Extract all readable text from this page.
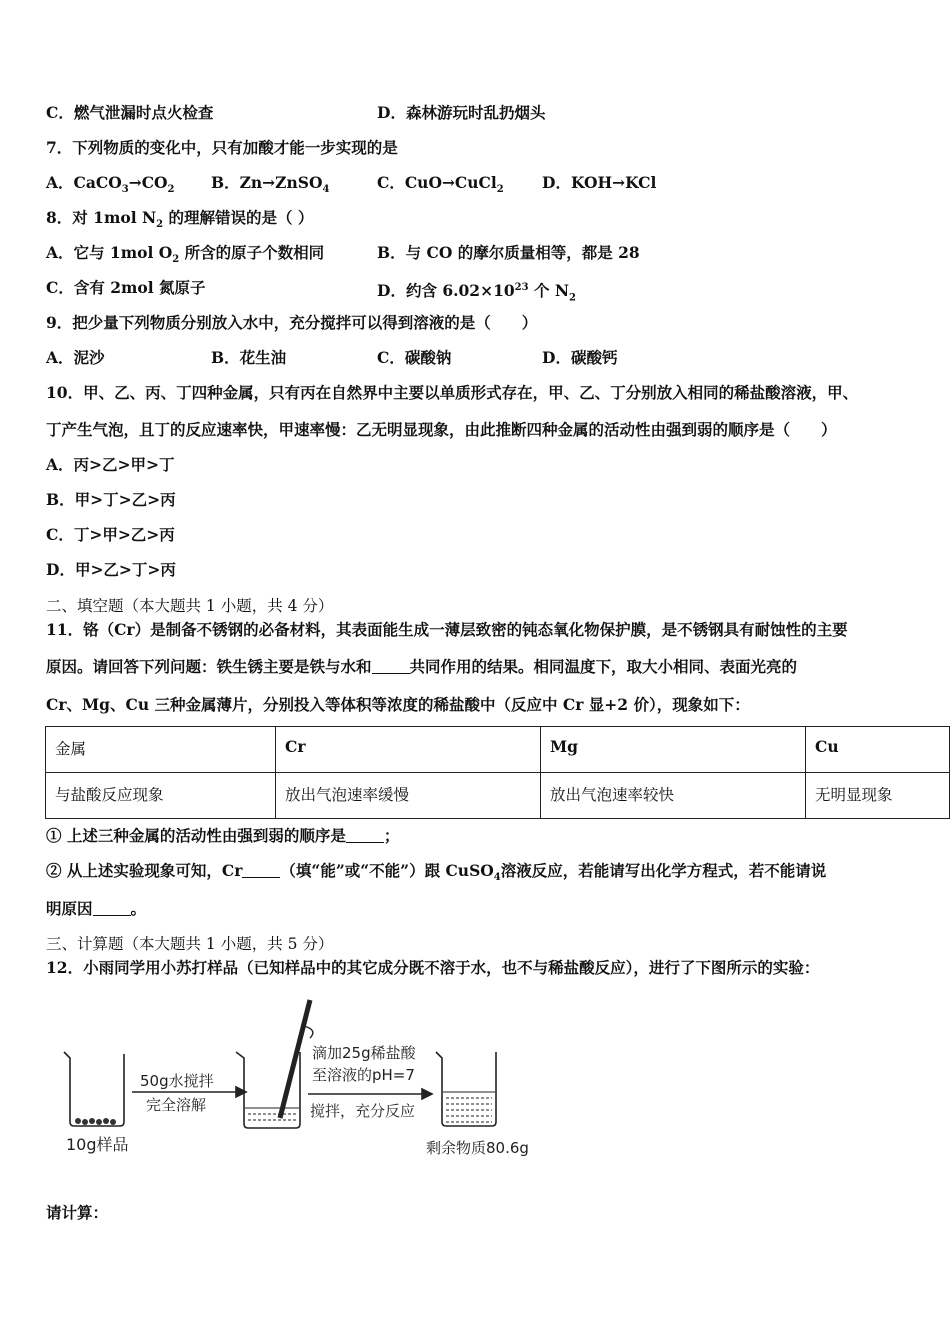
C．燃气泄漏时点火检查	D．森林游玩时乱扔烟头
7．下列物质的变化中，只有加酸才能一步实现的是
A．$CaCO_3\to CO_2$ B．Zn→ZnSO$_4$	C．CuO→CuCl$_2$ D．KOH→KCl
8．对 1mol $N_2$ 的理解错误的是（ ）
A．它与 1mol $O_2$ 所含的原子个数相同	B．与 CO 的摩尔质量相等，都是 28
C．含有 2mol 氮原子	D．约含 $6.02\times 10^{23}$ 个 $N_2$
9．把少量下列物质分别放入水中，充分搅拌可以得到溶液的是（　　）
A．泥沙	B．花生油	C．碳酸钠	D．碳酸钙
10．甲、乙、丙、丁四种金属，只有丙在自然界中主要以单质形式存在，甲、乙、丁分别放入相同的稀盐酸溶液，甲、
丁产生气泡，且丁的反应速率快，甲速率慢：乙无明显现象，由此推断四种金属的活动性由强到弱的顺序是（　　）
A．丙>乙>甲>丁
B．甲>丁>乙>丙
C．丁>甲>乙>丙
D．甲>乙>丁>丙
二、填空题（本大题共 1 小题，共 4 分）
11．铬（Cr）是制备不锈钢的必备材料，其表面能生成一薄层致密的钝态氧化物保护膜，是不锈钢具有耐蚀性的主要
原因。请回答下列问题：铁生锈主要是铁与水和 共同作用的结果。相同温度下，取大小相同、表面光亮的
Cr、Mg、Cu 三种金属薄片，分别投入等体积等浓度的稀盐酸中（反应中 Cr 显+2 价），现象如下：
金属	Cr	Mg	Cu
与盐酸反应现象	放出气泡速率缓慢	放出气泡速率较快	无明显现象
① 上述三种金属的活动性由强到弱的顺序是 ；
② 从上述实验现象可知，Cr （填“能”或“不能”）跟 CuSO$_4$溶液反应，若能请写出化学方程式，若不能请说
明原因 。
三、计算题（本大题共 1 小题，共 5 分）
12．小雨同学用小苏打样品（已知样品中的其它成分既不溶于水，也不与稀盐酸反应），进行了下图所示的实验：
10g样品
50g水搅拌
完全溶解
滴加25g稀盐酸
至溶液的pH=7
搅拌，充分反应
剩余物质80.6g
请计算：
